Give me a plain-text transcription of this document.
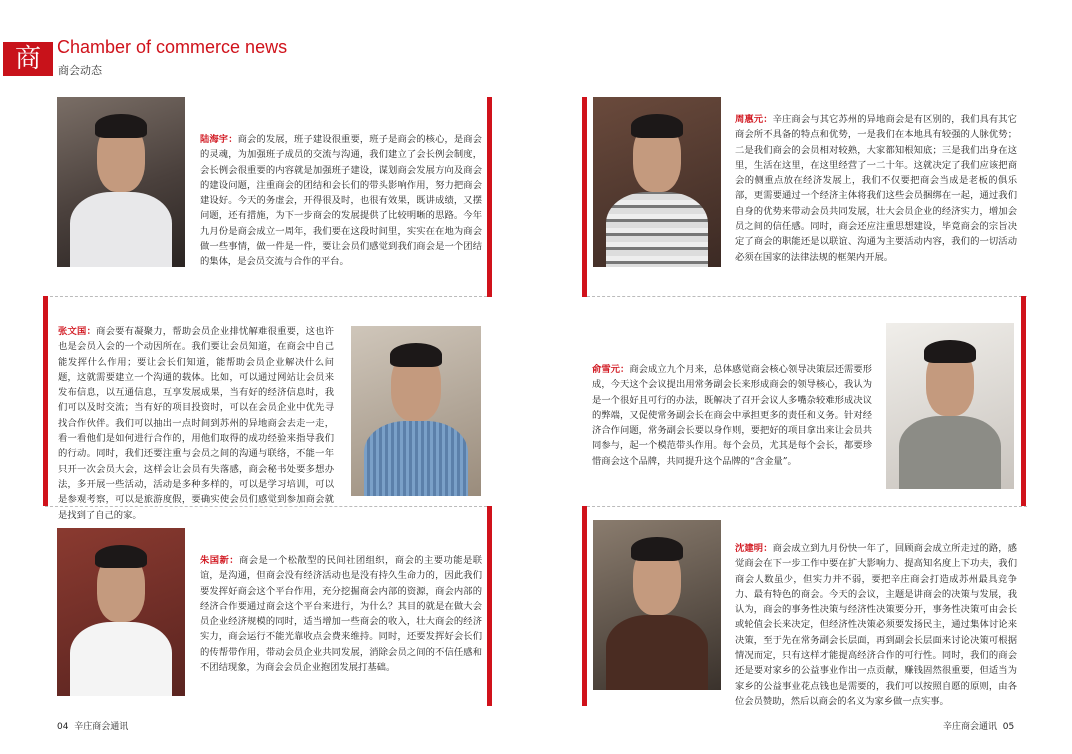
商 Chamber of commerce news
商会动态
陆海宇：商会的发展，班子建设很重要，班子是商会的核心，是商会的灵魂，为加强班子成员的交流与沟通，我们建立了会长例会制度，会长例会很重要的内容就是加强班子建设，谋划商会发展方向及商会的建设问题，注重商会的团结和会长们的带头影响作用，努力把商会建设好。今天的务虚会，开得很及时，也很有效果，既讲成绩，又摆问题，还有措施，为下一步商会的发展提供了比较明晰的思路。今年九月份是商会成立一周年，我们要在这段时间里，实实在在地为商会做一些事情，做一件是一件，要让会员们感觉到我们商会是一个团结的集体，是会员交流与合作的平台。
周惠元：辛庄商会与其它苏州的异地商会是有区别的，我们具有其它商会所不具备的特点和优势，一是我们在本地具有较强的人脉优势；二是我们商会的会员相对较熟，大家都知根知底；三是我们出身在这里，生活在这里，在这里经营了一二十年。这就决定了我们应该把商会的侧重点放在经济发展上，我们不仅要把商会当成是老板的俱乐部，更需要通过一个经济主体将我们这些会员捆绑在一起，通过我们自身的优势来带动会员共同发展，壮大会员企业的经济实力，增加会员之间的信任感。同时，商会还应注重思想建设，毕竟商会的宗旨决定了商会的职能还是以联谊、沟通为主要活动内容，我们的一切活动必须在国家的法律法规的框架内开展。
张文国：商会要有凝聚力，帮助会员企业排忧解难很重要，这也许也是会员入会的一个动因所在。我们要让会员知道，在商会中自己能发挥什么作用；要让会长们知道，能帮助会员企业解决什么问题，这就需要建立一个沟通的载体。比如，可以通过网站让会员来发布信息，以互通信息，互享发展成果，当有好的经济信息时，我们可以及时交流；当有好的项目投资时，可以在会员企业中优先寻找合作伙伴。我们可以抽出一点时间到苏州的异地商会去走一走，看一看他们是如何进行合作的，用他们取得的成功经验来指导我们的行动。同时，我们还要注重与会员之间的沟通与联络，不能一年只开一次会员大会，这样会让会员有失落感，商会秘书处要多想办法，多开展一些活动，活动是多种多样的，可以是学习培训，可以是参观考察，可以是旅游度假，要确实使会员们感觉到参加商会就是找到了自己的家。
俞雪元：商会成立九个月来，总体感觉商会核心领导决策层还需要形成，今天这个会议提出用常务副会长来形成商会的领导核心，我认为是一个很好且可行的办法，既解决了召开会议人多嘴杂较难形成决议的弊端，又促使常务副会长在商会中承担更多的责任和义务。针对经济合作问题，常务副会长要以身作则，要把好的项目拿出来让会员共同参与，起一个模范带头作用。每个会员，尤其是每个会长，都要珍惜商会这个品牌，共同提升这个品牌的“含金量”。
朱国新：商会是一个松散型的民间社团组织，商会的主要功能是联谊，是沟通，但商会没有经济活动也是没有持久生命力的，因此我们要发挥好商会这个平台作用，充分挖掘商会内部的资源，商会内部的经济合作要通过商会这个平台来进行，为什么？其目的就是在做大会员企业经济规模的同时，适当增加一些商会的收入，壮大商会的经济实力，商会运行不能光靠收点会费来维持。同时，还要发挥好会长们的传帮带作用，带动会员企业共同发展，消除会员之间的不信任感和不团结现象，为商会会员企业抱团发展打基础。
沈建明：商会成立到九月份快一年了，回顾商会成立所走过的路，感觉商会在下一步工作中要在扩大影响力、提高知名度上下功夫，我们商会人数虽少，但实力并不弱，要把辛庄商会打造成苏州最具竞争力、最有特色的商会。今天的会议，主题是讲商会的决策与发展，我认为，商会的事务性决策与经济性决策要分开，事务性决策可由会长或轮值会长来决定，但经济性决策必须要发扬民主，通过集体讨论来决策，至于先在常务副会长层面，再到副会长层面来讨论决策可根据情况而定，只有这样才能提高经济合作的可行性。同时，我们的商会还是要对家乡的公益事业作出一点贡献，赚钱固然很重要，但适当为家乡的公益事业花点钱也是需要的，我们可以按照自愿的原则，由各位会员赞助，然后以商会的名义为家乡做一点实事。
04 辛庄商会通讯	辛庄商会通讯 05
